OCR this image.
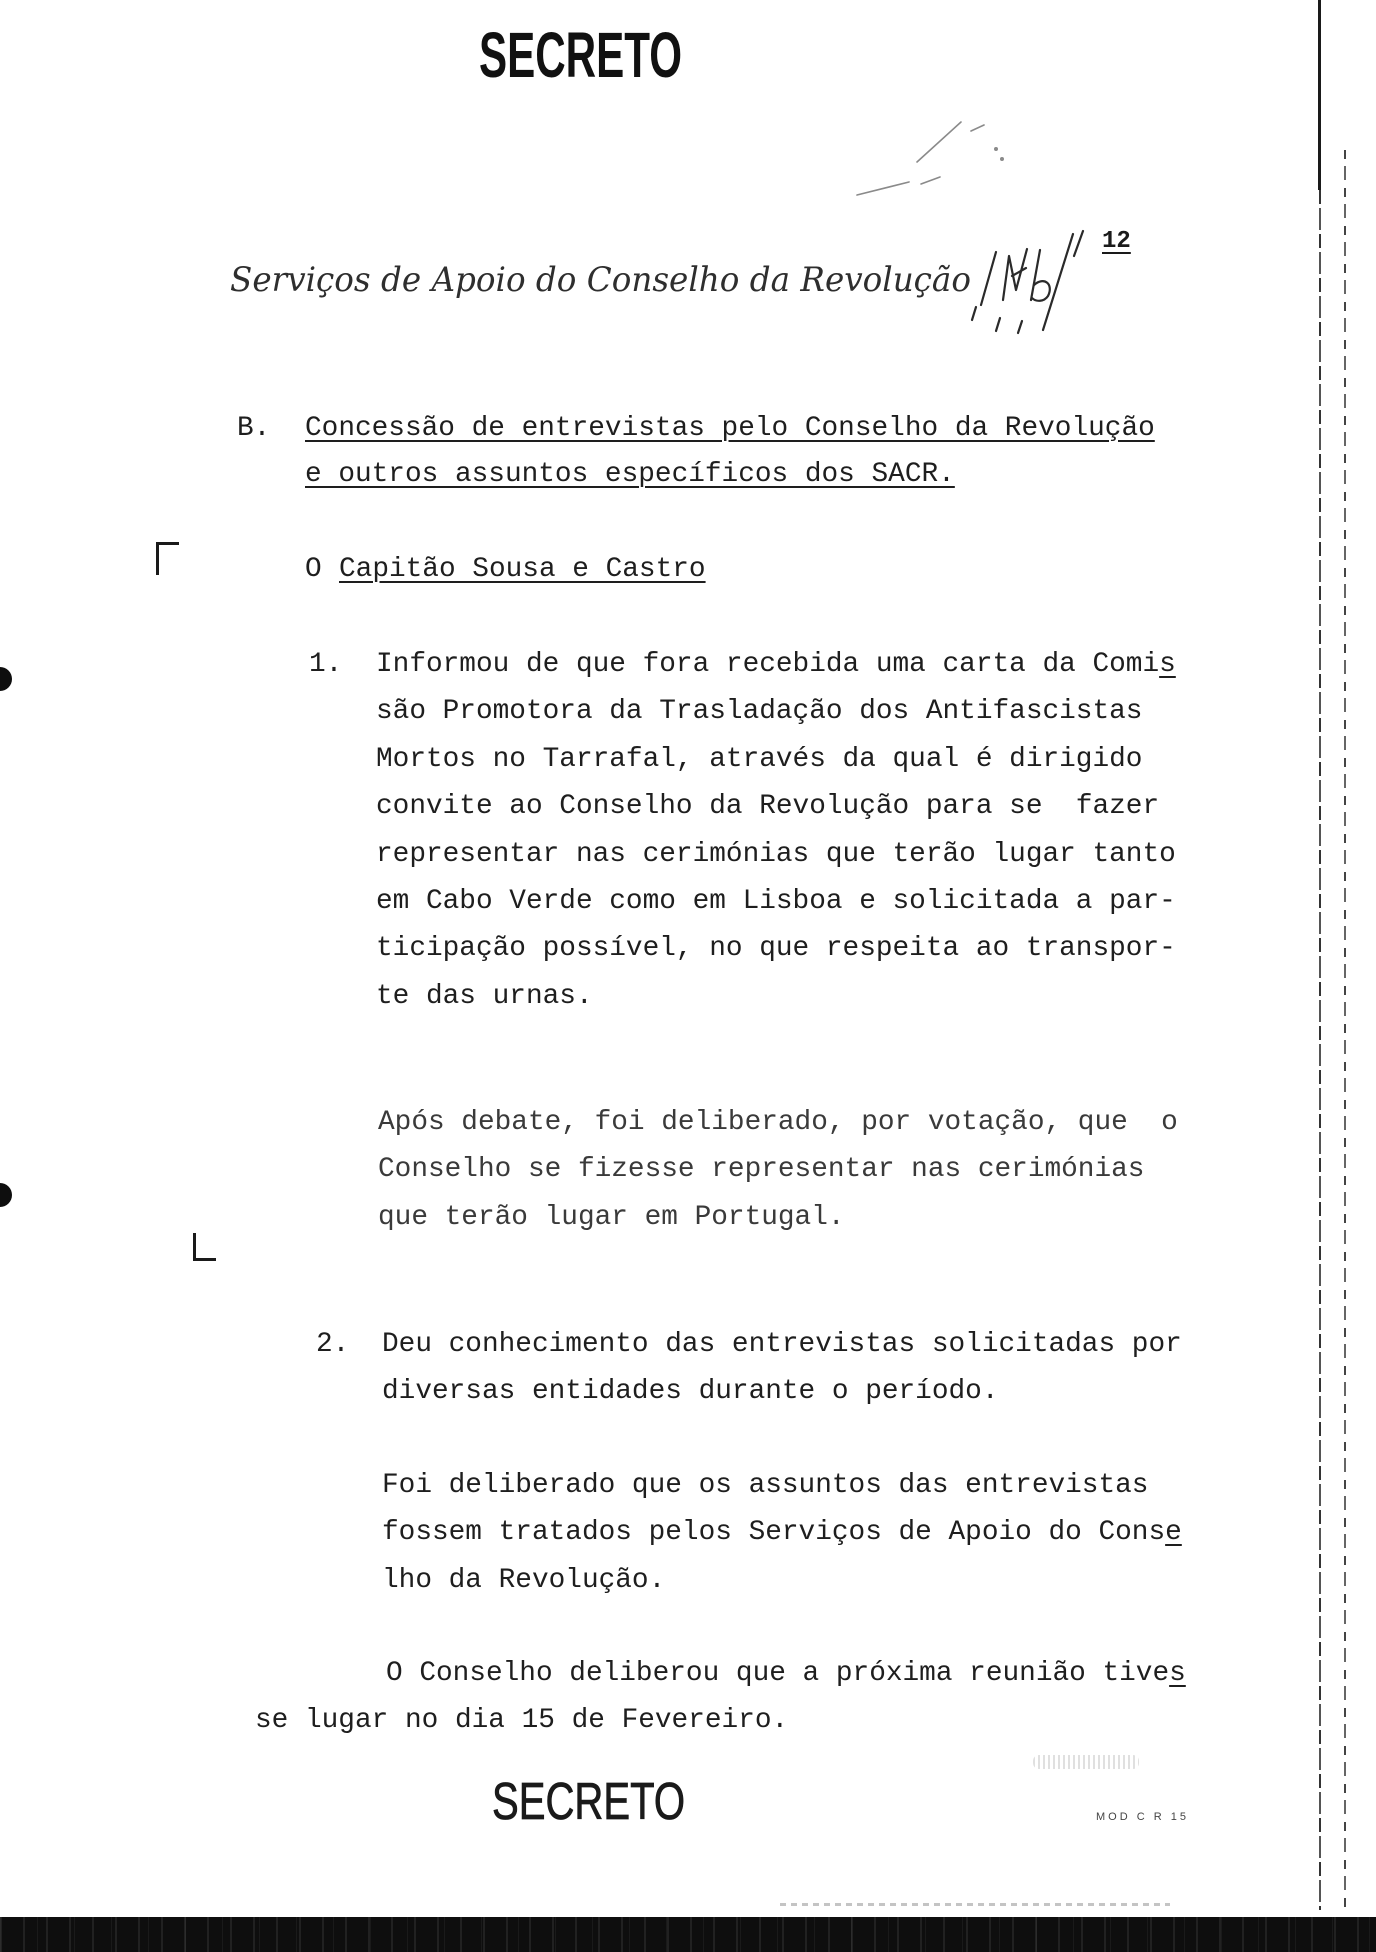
SECRETO
Serviços de Apoio do Conselho da Revolução
12
B. Concessão de entrevistas pelo Conselho da Revolução
e outros assuntos específicos dos SACR.
O Capitão Sousa e Castro
1. Informou de que fora recebida uma carta da Comis
são Promotora da Trasladação dos Antifascistas
Mortos no Tarrafal, através da qual é dirigido
convite ao Conselho da Revolução para se  fazer
representar nas cerimónias que terão lugar tanto
em Cabo Verde como em Lisboa e solicitada a par-
ticipação possível, no que respeita ao transpor-
te das urnas.
Após debate, foi deliberado, por votação, que  o
Conselho se fizesse representar nas cerimónias
que terão lugar em Portugal.
2. Deu conhecimento das entrevistas solicitadas por
diversas entidades durante o período.
Foi deliberado que os assuntos das entrevistas
fossem tratados pelos Serviços de Apoio do Conse
lho da Revolução.
O Conselho deliberou que a próxima reunião tives
se lugar no dia 15 de Fevereiro.
SECRETO	MOD C R 15
